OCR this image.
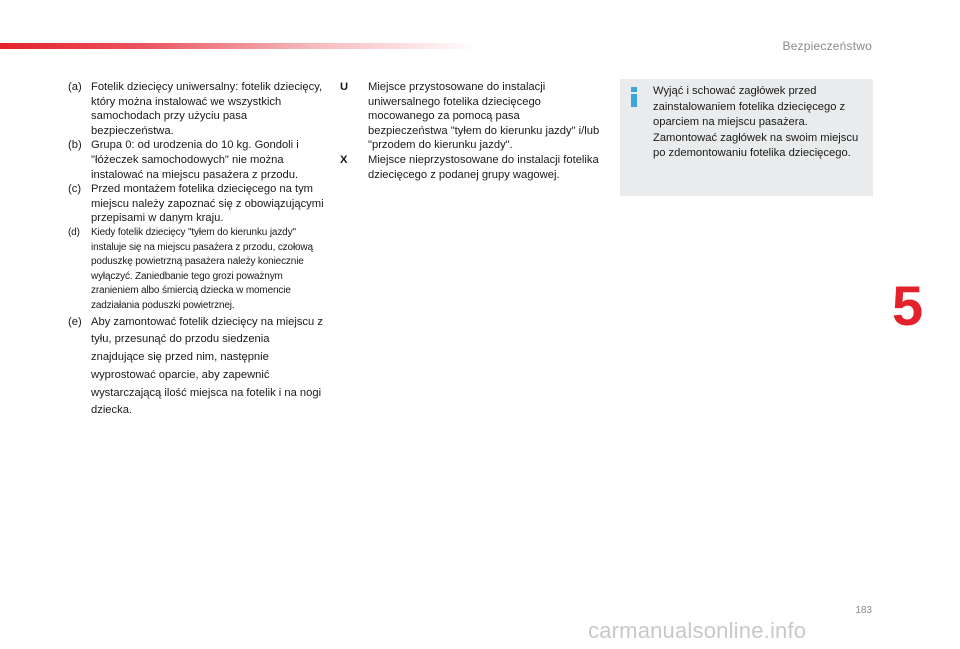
Bezpieczeństwo
(a) Fotelik dziecięcy uniwersalny: fotelik dziecięcy, który można instalować we wszystkich samochodach przy użyciu pasa bezpieczeństwa.
(b) Grupa 0: od urodzenia do 10 kg. Gondoli i "łóżeczek samochodowych" nie można instalować na miejscu pasażera z przodu.
(c) Przed montażem fotelika dziecięcego na tym miejscu należy zapoznać się z obowiązującymi przepisami w danym kraju.
(d)	Kiedy fotelik dziecięcy "tyłem do kierunku jazdy" instaluje się na miejscu pasażera z przodu, czołową poduszkę powietrzną pasażera należy koniecznie wyłączyć. Zaniedbanie tego grozi poważnym zranieniem albo śmiercią dziecka w momencie zadziałania poduszki powietrznej.
(e) Aby zamontować fotelik dziecięcy na miejscu z tyłu, przesunąć do przodu siedzenia znajdujące się przed nim, następnie wyprostować oparcie, aby zapewnić wystarczającą ilość miejsca na fotelik i na nogi dziecka.
U	Miejsce przystosowane do instalacji uniwersalnego fotelika dziecięcego mocowanego za pomocą pasa bezpieczeństwa "tyłem do kierunku jazdy" i/lub "przodem do kierunku jazdy".
X	Miejsce nieprzystosowane do instalacji fotelika dziecięcego z podanej grupy wagowej.
Wyjąć i schować zagłówek przed zainstalowaniem fotelika dziecięcego z oparciem na miejscu pasażera. Zamontować zagłówek na swoim miejscu po zdemontowaniu fotelika dziecięcego.
5
183
carmanualsonline.info
